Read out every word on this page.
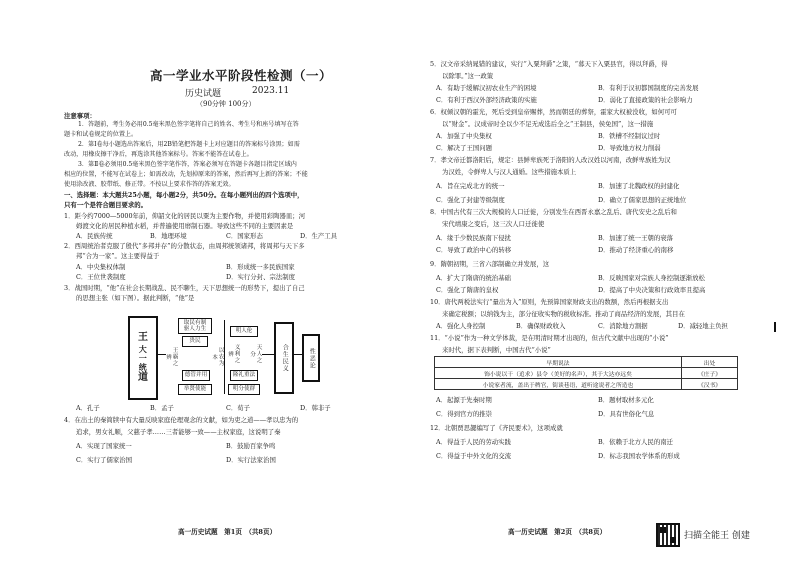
高一学业水平阶段性检测（一）
历史试题	2023.11
（90分钟 100分）
注意事项：
1．答题前，考生务必用0.5毫米黑色签字笔将自己的姓名、考生号和座号填写在答
题卡和试卷规定的位置上。
2．第Ⅰ卷每小题选出答案后，用2B铅笔把答题卡上对应题目的答案标号涂黑；如需
改动，用橡皮擦干净后，再选涂其他答案标号。答案不能答在试卷上。
3．第Ⅱ卷必须用0.5毫米黑色签字笔作答，答案必须写在答题卡各题目指定区域内
相应的位置，不能写在试卷上；如需改动，先划掉原来的答案，然后再写上新的答案；不能
使用涂改液、胶带纸、修正带。不按以上要求作答的答案无效。
一、选择题：本大题共25小题，每小题2分，共50分。在每小题列出的四个选项中，
只有一个是符合题目要求的。
1．距今约7000—5000年前，仰韶文化的居民以粟为主要作物，并使用彩陶器皿；河
姆渡文化的居民种植水稻，并普遍使用磨制石器。导致这些不同的主要因素是
A．民族传统	B．地理环境	C．国家形态	D．生产工具
2．西周统治者克服了殷代“多邦并存”的分散状态，由周邦统领诸邦，将周邦与天下多
邦“合为一家”。这主要得益于
A．中央集权体制	B．形成统一多民族国家
C．王位世袭制度	D．实行分封、宗法制度
3．战国时期，“他”在社会长期战乱、民不聊生，天下思想统一的形势下，提出了自己
的思想主张（如下图）。据此判断，“他”是
王
大一统
道
取民有制
驱人力生
贵民
王霸之辨	以农为本
德管并用
举贤使能
明人伦
义利之辨	天人之分
隆礼重法
明分使群
合生民义	性恶论
A．孔子	B．孟子	C．荀子	D．韩非子
4．在出土的秦简牍中有大量反映家庭伦理观念的文献，如为吏之道——孝以忠为的
追求，男女礼顺，父慈子孝……三者能够一致——主权家庭，这说明了秦
A．实现了国家统一	B．鼓励百家争鸣
C．实行了儒家治国	D．实行法家治国
高一历史试题　第1页　（共8页）
5．汉文帝采纳晁错的建议，实行“入粟拜爵”之策，“募天下入粟县官，得以拜爵，得
以除罪。”这一政策
A．有助于缓解汉初农业生产的困境	B．有利于汉初都国制度的完善发展
C．有利于西汉外部经济政策的实施	D．弱化了直接政策的社会影响力
6．权倾汉朝的霍光，死后受到皇帝赐葬，然而朝廷的葬祭，霍家大权被没收，如何可可
以“财金”。汉成帝时全以少不足无成选后全之“王制县，侯免国”，这一措施
A．加强了中央集权	B．铁槽不经制议过时
C．解决了王国问题	D．导致地方权力削弱
7．孝文帝迁都洛阳后，规定：县鲜卑族死于洛阳的人改汉姓以河南，改鲜卑族姓为汉
为汉姓，令鲜卑人与汉人通婚。这些措施本质上
A．旨在完成北方的统一	B．加速了北魏政权的封建化
C．强化了封建等级制度	D．确立了儒家思想的正统地位
8．中国古代有三次大规模的人口迁徙，分别发生在西晋永嘉之乱后、唐代安史之乱后和
宋代靖康之变后，这三次人口迁徙使
A．缘于少数民族南下侵扰	B．加速了统一王朝的衰落
C．导致了政治中心的转移	D．推动了经济重心的南移
9．隋朝初期，三省六部制确立并发展，这
A．扩大了隋唐的统治基础	B．反映国家对宗族人身控制逐渐放松
C．强化了隋唐的皇权	D．提高了中央决策和行政效率且提高
10．唐代两税法实行“量出为入”原则，先预算国家财政支出的数额，然后再根据支出
来确定税额；以纳钱为主，部分征收实物的税收标准。推动了商品经济的发展，其目在
A．强化人身控制	B．确保财政收入	C．消除地方割据	D．减轻地主负担
11．“小说”作为一种文学体裁，是在明清时期才出现的，但古代文献中出现的“小说”
来时代，据下表判断，中国古代“小说”
早期说法	出处
饰小说以干（追求）县令（美好的名声），其于大达亦远矣	《庄子》
小说家者流，盖出于稗官，街谈巷语，道听途说者之所造也	《汉书》
A．起源于先秦时期	B．题材取材多元化
C．得到官方的推崇	D．具有世俗化气息
12．北朝贾思勰编写了《齐民要术》，这项成就
A．得益于人民的劳动实践	B．依赖于北方人民的南迁
C．得益于中外文化的交流	D．标志我国农学体系的形成
高一历史试题　第2页　（共8页）	扫描全能王 创建
